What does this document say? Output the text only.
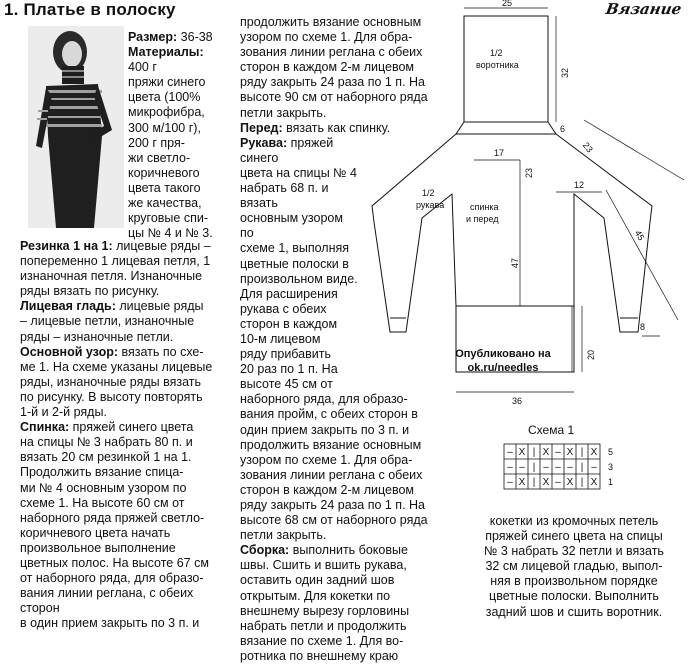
1. Платье в полоску	Вязание

Размер: 36-38

Материалы:

400 г

пряжи синего

цвета (100%

микрофибра,

300 м/100 г),

200 г пря-

жи светло-

коричневого

цвета такого

же качества,

круговые спи-

цы № 4 и № 3.

Резинка 1 на 1: лицевые ряды –

попеременно 1 лицевая петля, 1

изнаночная петля. Изнаночные

ряды вязать по рисунку.

Лицевая гладь: лицевые ряды

– лицевые петли, изнаночные

ряды – изнаночные петли.

Основной узор: вязать по схе-

ме 1. На схеме указаны лицевые

ряды, изнаночные ряды вязать

по рисунку. В высоту повторять

1-й и 2-й ряды.

Спинка: пряжей синего цвета

на спицы № 3 набрать 80 п. и

вязать 20 см резинкой 1 на 1.

Продолжить вязание спица-

ми № 4 основным узором по

схеме 1. На высоте 60 см от

наборного ряда пряжей светло-

коричневого цвета начать

произвольное выполнение

цветных полос. На высоте 67 см

от наборного ряда, для образо-

вания линии реглана, с обеих сторон

в один прием закрыть по 3 п. и

продолжить вязание основным

узором по схеме 1. Для обра-

зования линии реглана с обеих

сторон в каждом 2-м лицевом

ряду закрыть 24 раза по 1 п. На

высоте 90 см от наборного ряда

петли закрыть.

Перед: вязать как спинку.

Рукава: пряжей синего

цвета на спицы № 4

набрать 68 п. и вязать

основным узором по

схеме 1, выполняя

цветные полоски в

произвольном виде.

Для расширения

рукава с обеих

сторон в каждом

10-м лицевом

ряду прибавить

20 раз по 1 п. На

высоте 45 см от

наборного ряда, для образо-

вания пройм, с обеих сторон в

один прием закрыть по 3 п. и

продолжить вязание основным

узором по схеме 1. Для обра-

зования линии реглана с обеих

сторон в каждом 2-м лицевом

ряду закрыть 24 раза по 1 п. На

высоте 68 см от наборного ряда

петли закрыть.

Сборка: выполнить боковые

швы. Сшить и вшить рукава,

оставить один задний шов

открытым. Для кокетки по

внешнему вырезу горловины

набрать петли и продолжить

вязание по схеме 1. Для во-

ротника по внешнему краю

25
32
6
23
17
23
12
45
8
47
20
36
1/2
воротника
1/2
рукава	спинка
и перед
Опубликовано на
ok.ru/needles
Схема 1
– X | X – X | X
– – | – – – | –
– X | X – X | X
5
3
1

кокетки из кромочных петель

пряжей синего цвета на спицы

№ 3 набрать 32 петли и вязать

32 см лицевой гладью, выпол-

няя в произвольном порядке

цветные полоски. Выполнить

задний шов и сшить воротник.
